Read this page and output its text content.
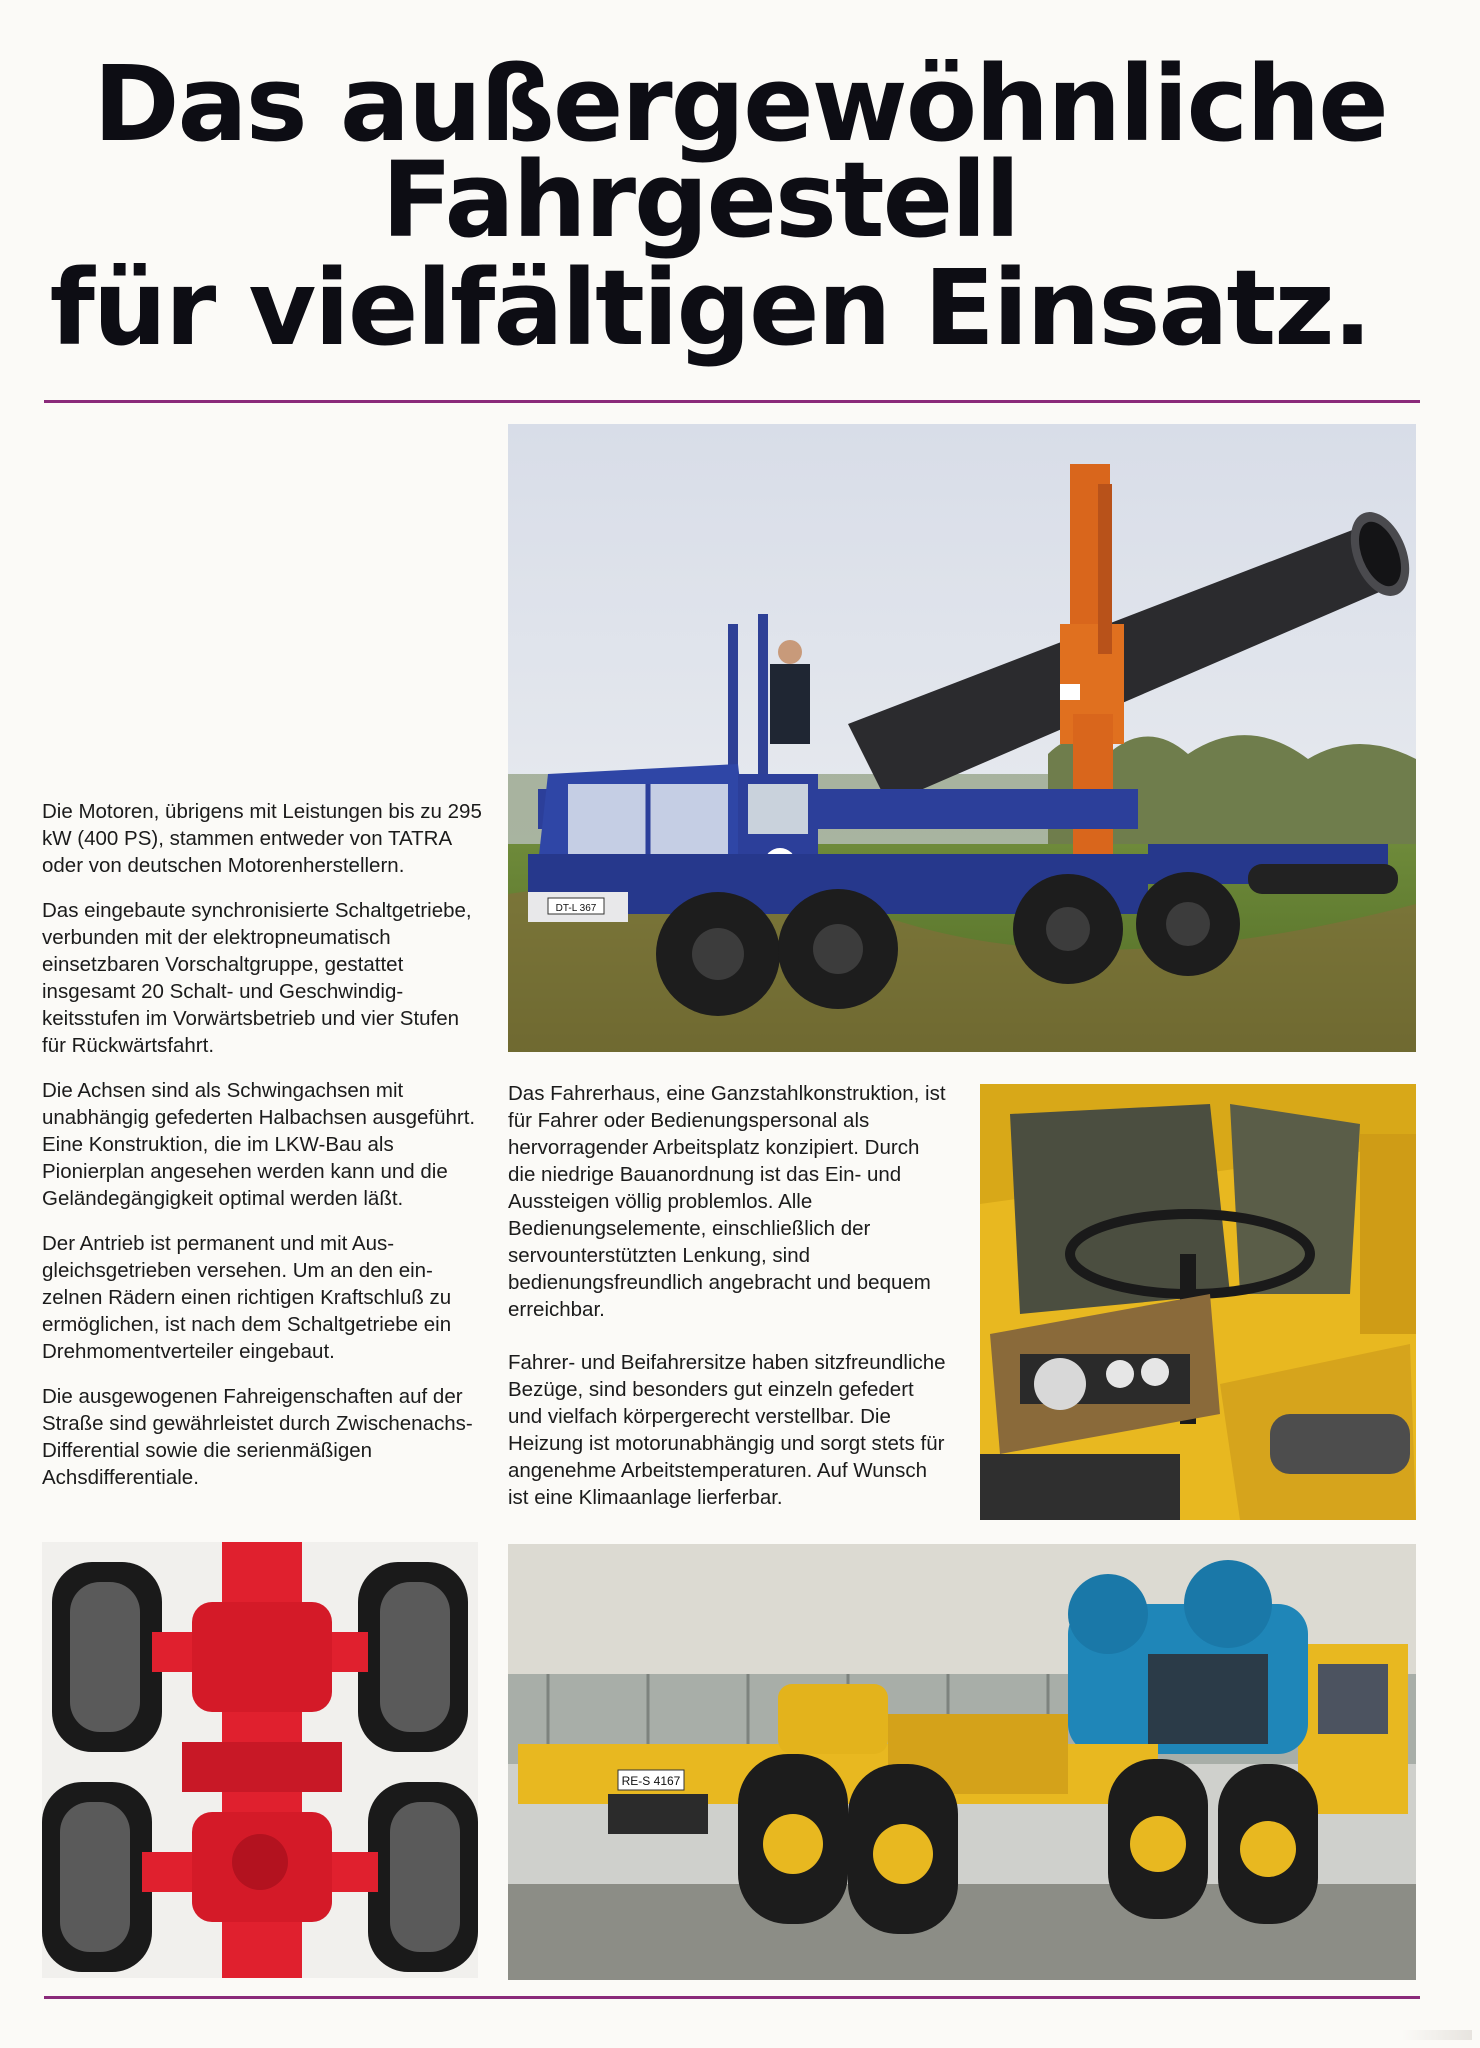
Das außergewöhnliche
Fahrgestell
für vielfältigen Einsatz.
DT-L 367

Die Motoren, übrigens mit Leistungen bis zu 295 kW (400 PS), stammen entweder von TATRA oder von deutschen Motorenherstellern.

Das eingebaute synchronisierte Schaltgetriebe, verbunden mit der elektropneumatisch einsetzbaren Vorschaltgruppe, gestattet insgesamt 20 Schalt- und Geschwindigkeitsstufen im Vorwärtsbetrieb und vier Stufen für Rückwärtsfahrt.

Die Achsen sind als Schwingachsen mit unabhängig gefederten Halbachsen ausgeführt. Eine Konstruktion, die im LKW-Bau als Pionierplan angesehen werden kann und die Geländegängigkeit optimal werden läßt.

Der Antrieb ist permanent und mit Ausgleichsgetrieben versehen. Um an den einzelnen Rädern einen richtigen Kraftschluß zu ermöglichen, ist nach dem Schaltgetriebe ein Drehmomentverteiler eingebaut.

Die ausgewogenen Fahreigenschaften auf der Straße sind gewährleistet durch Zwischenachs-Differential sowie die serienmäßigen Achsdifferentiale.

Das Fahrerhaus, eine Ganzstahlkonstruktion, ist für Fahrer oder Bedienungspersonal als hervorragender Arbeitsplatz konzipiert. Durch die niedrige Bauanordnung ist das Ein- und Aussteigen völlig problemlos. Alle Bedienungselemente, einschließlich der servounterstützten Lenkung, sind bedienungsfreundlich angebracht und bequem erreichbar.

Fahrer- und Beifahrersitze haben sitzfreundliche Bezüge, sind besonders gut einzeln gefedert und vielfach körpergerecht verstellbar. Die Heizung ist motorunabhängig und sorgt stets für angenehme Arbeitstemperaturen. Auf Wunsch ist eine Klimaanlage lierferbar.

RE-S 4167
